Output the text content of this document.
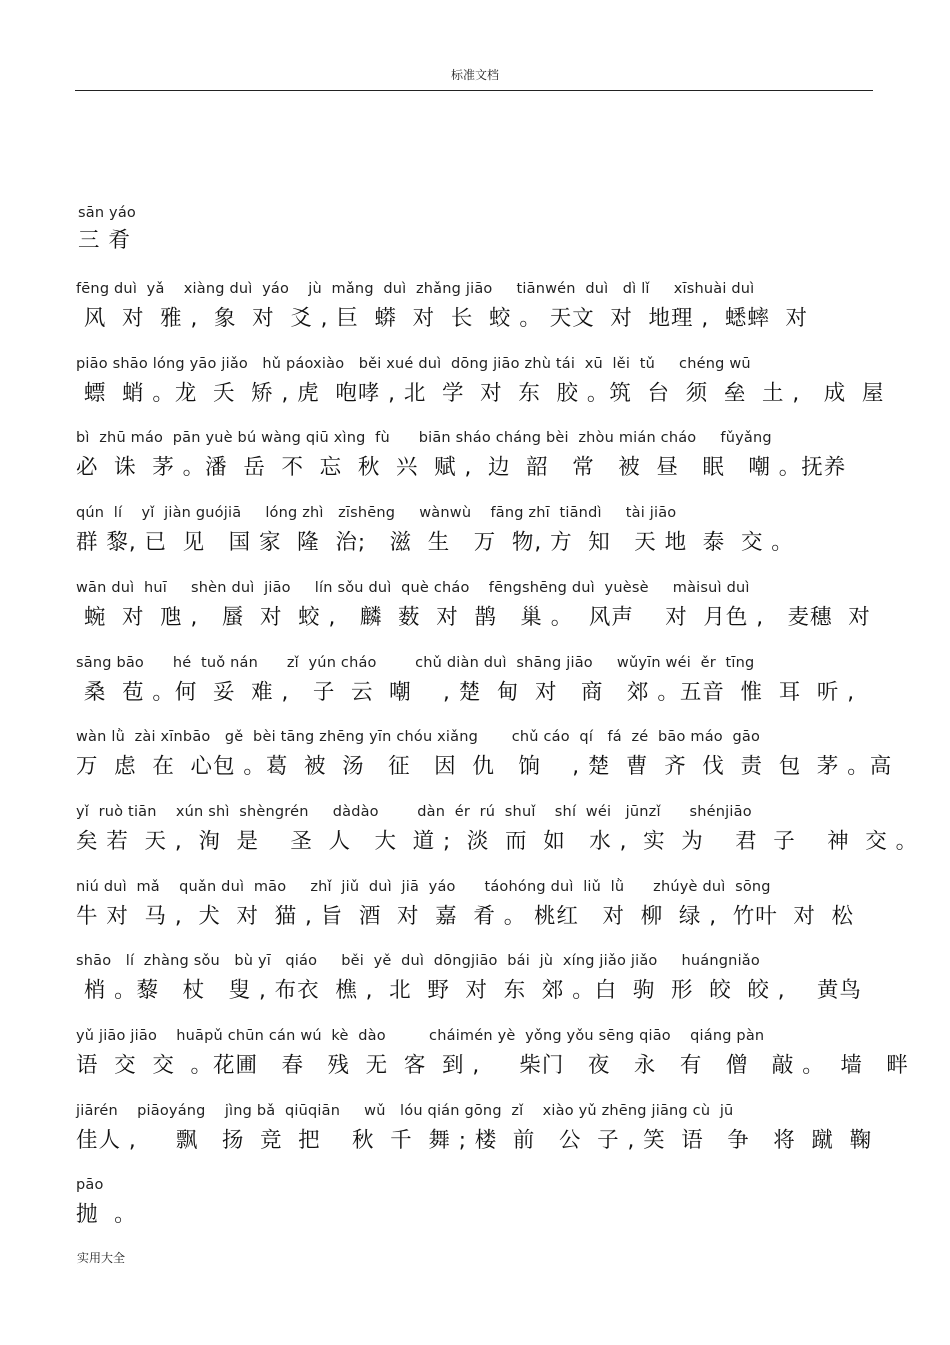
标准文档
sān yáo
三 肴
fēng duì  yǎ    xiàng duì  yáo    jù  mǎng  duì  zhǎng jiāo     tiānwén  duì   dì lǐ     xīshuài duì
风  对  雅 ,  象  对  爻 , 巨  蟒  对  长  蛟 。 天文  对  地理 ,  蟋蟀  对
piāo shāo lóng yāo jiǎo   hǔ páoxiào   běi xué duì  dōng jiāo zhù tái  xū  lěi  tǔ     chéng wū
螵  蛸 。龙  夭  矫 , 虎  咆哮 , 北  学  对  东  胶 。筑  台  须  垒  土 ,   成  屋
bì  zhū máo  pān yuè bú wàng qiū xìng  fù      biān sháo cháng bèi  zhòu mián cháo     fǔyǎng
必  诛  茅 。潘  岳  不  忘  秋  兴  赋 ,  边  韶   常   被  昼   眠   嘲 。抚养
qún  lí    yǐ  jiàn guójiā     lóng zhì   zīshēng     wànwù    fāng zhī  tiāndì     tài jiāo
群 黎, 已  见   国 家  隆  治;   滋  生   万  物, 方  知   天 地  泰  交 。
wān duì  huī     shèn duì  jiāo     lín sǒu duì  què cháo    fēngshēng duì  yuèsè     màisuì duì
蜿  对  虺 ,   蜃  对  蛟 ,   麟  薮  对  鹊   巢 。  风声    对  月色 ,   麦穗  对
sāng bāo      hé  tuǒ nán      zǐ  yún cháo        chǔ diàn duì  shāng jiāo     wǔyīn wéi  ěr  tīng
桑  苞 。何  妥  难 ,   子  云  嘲    , 楚  甸  对   商   郊 。五音  惟  耳  听 ,
wàn lǜ  zài xīnbāo   gě  bèi tāng zhēng yīn chóu xiǎng       chǔ cáo  qí   fá  zé  bāo máo  gāo
万  虑  在  心包 。葛  被  汤   征   因  仇   饷    , 楚  曹  齐  伐  责  包  茅 。高
yǐ  ruò tiān    xún shì  shèngrén     dàdào        dàn  ér  rú  shuǐ    shí  wéi   jūnzǐ      shénjiāo
矣 若  天 ,  洵  是    圣  人   大  道 ;  淡  而  如   水 ,  实  为    君  子    神  交 。
niú duì  mǎ    quǎn duì  māo     zhǐ  jiǔ  duì  jiā  yáo      táohóng duì  liǔ  lǜ      zhúyè duì  sōng
牛 对  马 ,  犬  对  猫 , 旨  酒  对  嘉  肴 。 桃红   对  柳  绿 ,  竹叶  对  松
shāo   lí  zhàng sǒu   bù yī   qiáo     běi  yě  duì  dōngjiāo  bái  jù  xíng jiǎo jiǎo     huángniǎo
梢 。藜   杖   叟 , 布衣  樵 ,  北  野  对  东  郊 。白  驹  形  皎  皎 ,    黄鸟
yǔ jiāo jiāo    huāpǔ chūn cán wú  kè  dào         cháimén yè  yǒng yǒu sēng qiāo    qiáng pàn
语  交  交  。花圃   春   残  无  客  到 ,     柴门   夜   永   有   僧   敲 。  墙   畔
jiārén    piāoyáng    jìng bǎ  qiūqiān     wǔ   lóu qián gōng  zǐ    xiào yǔ zhēng jiāng cù  jū
佳人 ,     飘   扬  竞  把    秋  千  舞 ; 楼  前   公  子 , 笑  语   争   将  蹴  鞠
pāo
抛  。
实用大全
